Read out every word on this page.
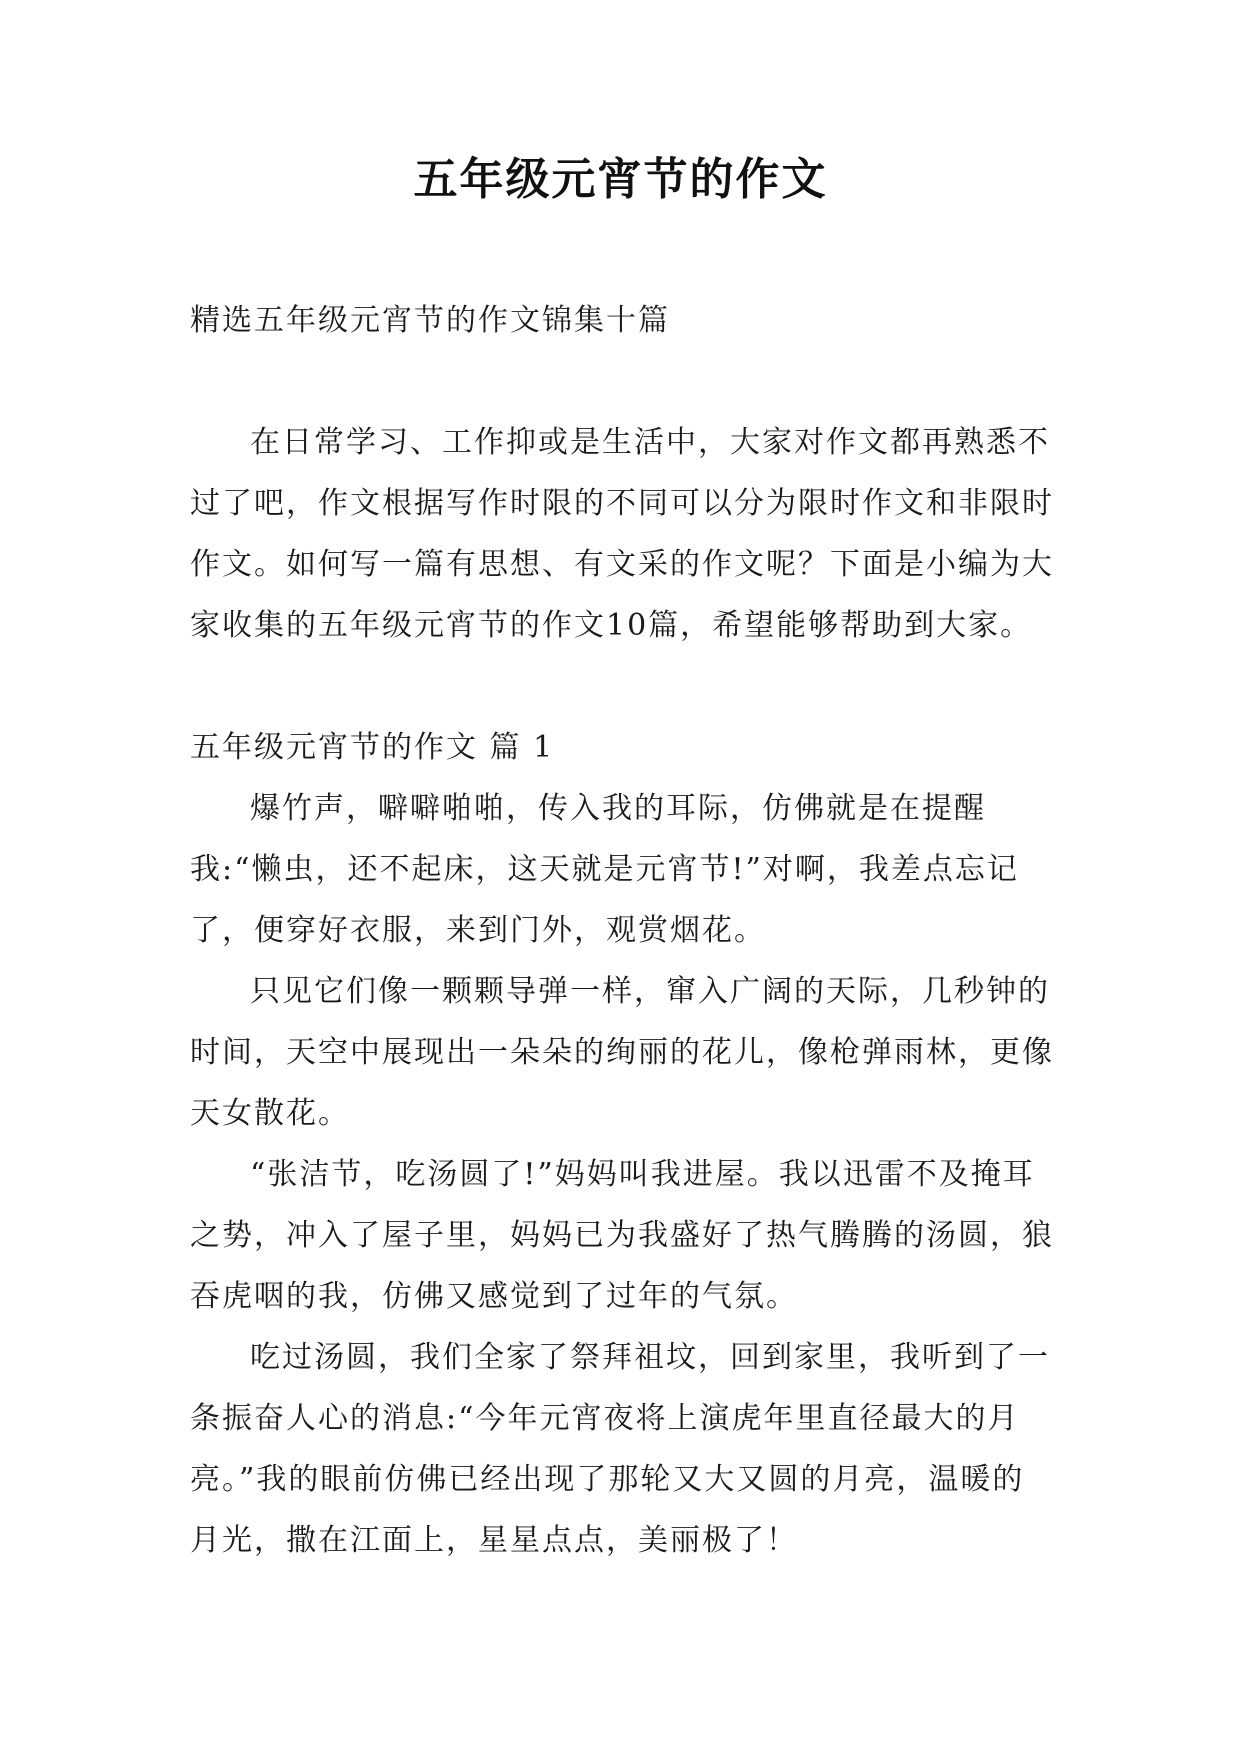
五年级元宵节的作文

精选五年级元宵节的作文锦集十篇

在日常学习、工作抑或是生活中，大家对作文都再熟悉不过了吧，作文根据写作时限的不同可以分为限时作文和非限时作文。如何写一篇有思想、有文采的作文呢？下面是小编为大家收集的五年级元宵节的作文10篇，希望能够帮助到大家。

五年级元宵节的作文 篇 1

爆竹声，噼噼啪啪，传入我的耳际，仿佛就是在提醒我:“懒虫，还不起床，这天就是元宵节!”对啊，我差点忘记了，便穿好衣服，来到门外，观赏烟花。

只见它们像一颗颗导弹一样，窜入广阔的天际，几秒钟的时间，天空中展现出一朵朵的绚丽的花儿，像枪弹雨林，更像天女散花。

“张洁节，吃汤圆了!”妈妈叫我进屋。我以迅雷不及掩耳之势，冲入了屋子里，妈妈已为我盛好了热气腾腾的汤圆，狼吞虎咽的我，仿佛又感觉到了过年的气氛。

吃过汤圆，我们全家了祭拜祖坟，回到家里，我听到了一条振奋人心的消息:“今年元宵夜将上演虎年里直径最大的月亮。”我的眼前仿佛已经出现了那轮又大又圆的月亮，温暖的月光，撒在江面上，星星点点，美丽极了！
